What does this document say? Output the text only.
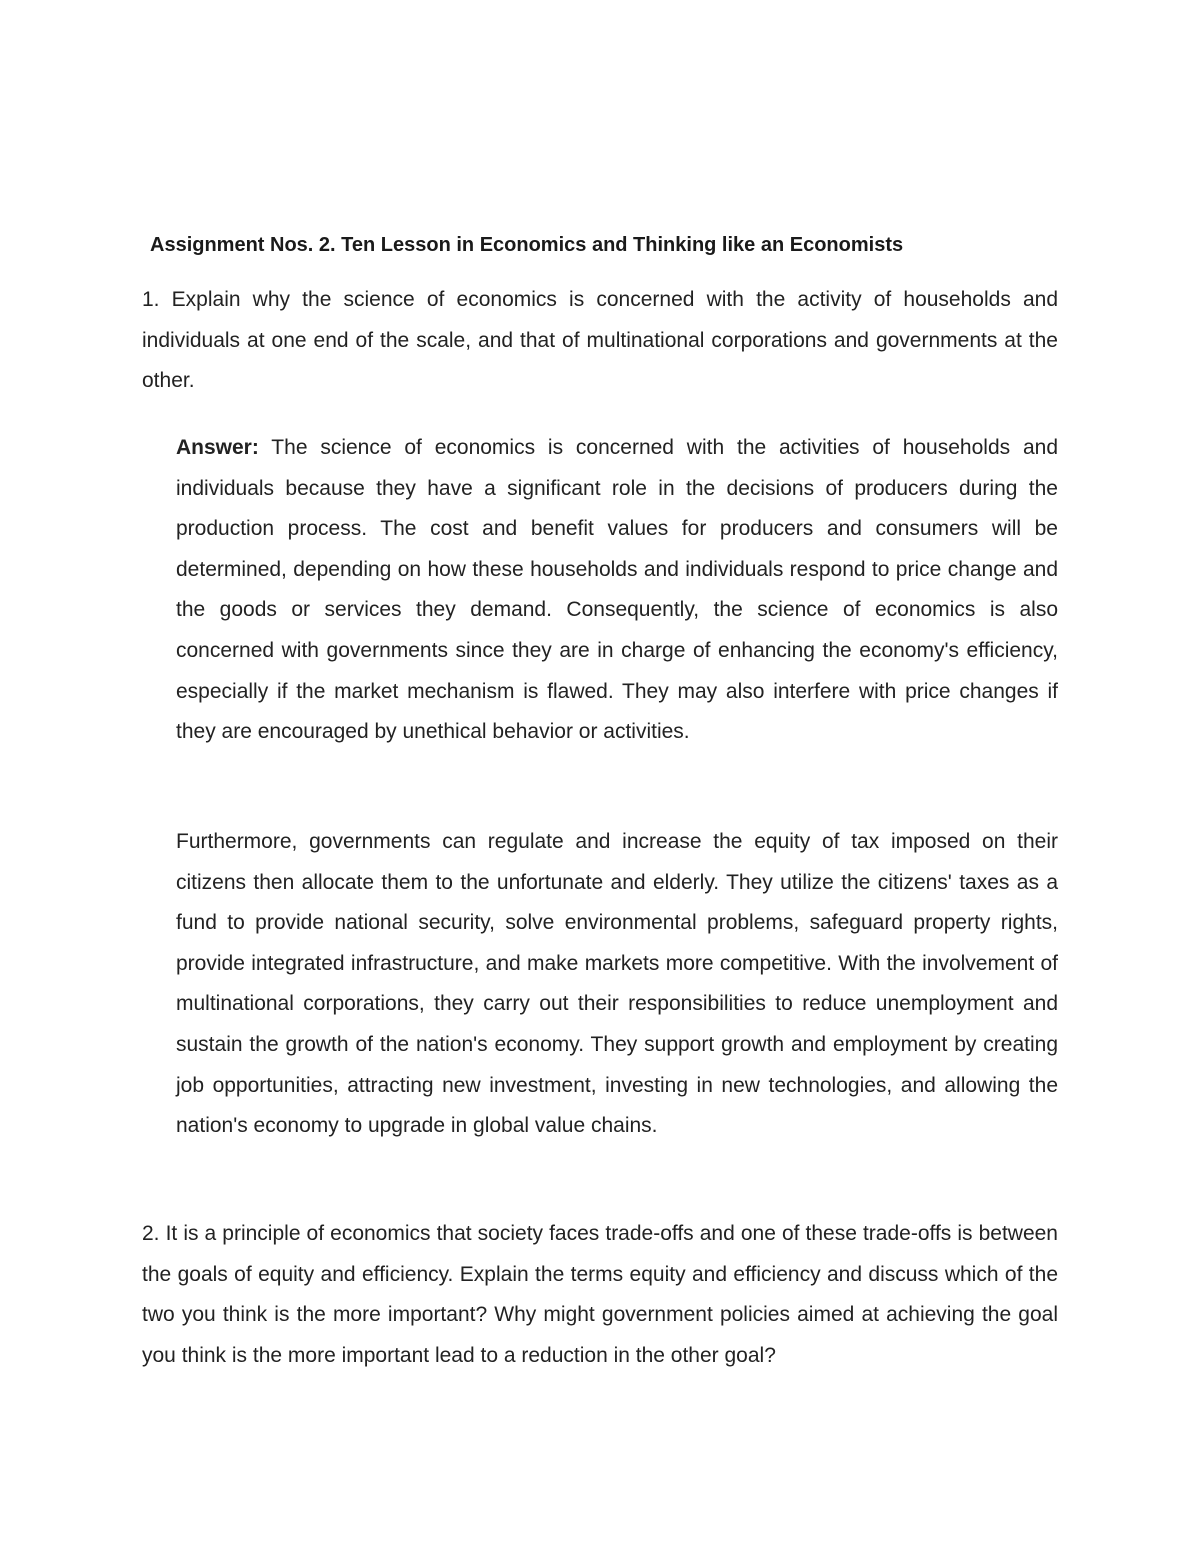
Assignment Nos. 2. Ten Lesson in Economics and Thinking like an Economists

1. Explain why the science of economics is concerned with the activity of households and individuals at one end of the scale, and that of multinational corporations and governments at the other.

Answer: The science of economics is concerned with the activities of households and individuals because they have a significant role in the decisions of producers during the production process. The cost and benefit values for producers and consumers will be determined, depending on how these households and individuals respond to price change and the goods or services they demand. Consequently, the science of economics is also concerned with governments since they are in charge of enhancing the economy's efficiency, especially if the market mechanism is flawed. They may also interfere with price changes if they are encouraged by unethical behavior or activities.

Furthermore, governments can regulate and increase the equity of tax imposed on their citizens then allocate them to the unfortunate and elderly. They utilize the citizens' taxes as a fund to provide national security, solve environmental problems, safeguard property rights, provide integrated infrastructure, and make markets more competitive. With the involvement of multinational corporations, they carry out their responsibilities to reduce unemployment and sustain the growth of the nation's economy. They support growth and employment by creating job opportunities, attracting new investment, investing in new technologies, and allowing the nation's economy to upgrade in global value chains.

2. It is a principle of economics that society faces trade-offs and one of these trade-offs is between the goals of equity and efficiency. Explain the terms equity and efficiency and discuss which of the two you think is the more important? Why might government policies aimed at achieving the goal you think is the more important lead to a reduction in the other goal?
